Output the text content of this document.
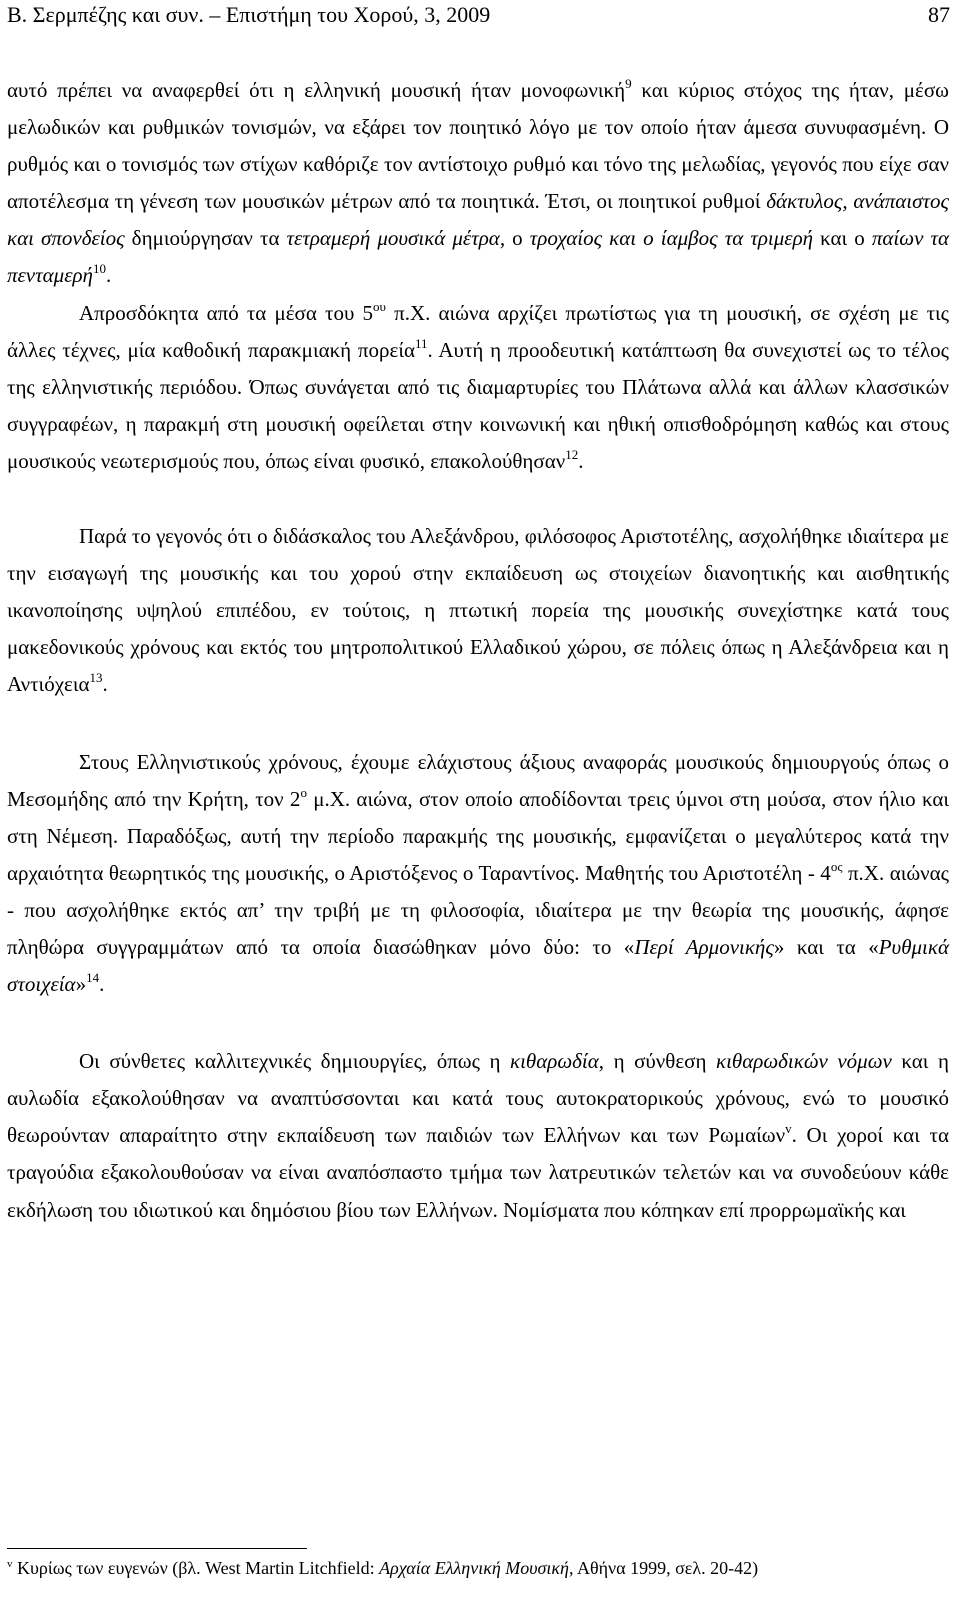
Β. Σερμπέζης και συν. – Επιστήμη του Χορού, 3, 2009	87

αυτό πρέπει να αναφερθεί ότι η ελληνική μουσική ήταν μονοφωνική$^9$ και κύριος στόχος της ήταν, μέσω μελωδικών και ρυθμικών τονισμών, να εξάρει τον ποιητικό λόγο με τον οποίο ήταν άμεσα συνυφασμένη. Ο ρυθμός και ο τονισμός των στίχων καθόριζε τον αντίστοιχο ρυθμό και τόνο της μελωδίας, γεγονός που είχε σαν αποτέλεσμα τη γένεση των μουσικών μέτρων από τα ποιητικά. Έτσι, οι ποιητικοί ρυθμοί δάκτυλος, ανάπαιστος και σπονδείος δημιούργησαν τα τετραμερή μουσικά μέτρα, ο τροχαίος και ο ίαμβος τα τριμερή και ο παίων τα πενταμερή$^{10}$.

Απροσδόκητα από τα μέσα του $5^{o\upsilon}$ π.Χ. αιώνα αρχίζει πρωτίστως για τη μουσική, σε σχέση με τις άλλες τέχνες, μία καθοδική παρακμιακή πορεία$^{11}$. Αυτή η προοδευτική κατάπτωση θα συνεχιστεί ως το τέλος της ελληνιστικής περιόδου. Όπως συνάγεται από τις διαμαρτυρίες του Πλάτωνα αλλά και άλλων κλασσικών συγγραφέων, η παρακμή στη μουσική οφείλεται στην κοινωνική και ηθική οπισθοδρόμηση καθώς και στους μουσικούς νεωτερισμούς που, όπως είναι φυσικό, επακολούθησαν$^{12}$.

Παρά το γεγονός ότι ο διδάσκαλος του Αλεξάνδρου, φιλόσοφος Αριστοτέλης, ασχολήθηκε ιδιαίτερα με την εισαγωγή της μουσικής και του χορού στην εκπαίδευση ως στοιχείων διανοητικής και αισθητικής ικανοποίησης υψηλού επιπέδου, εν τούτοις, η πτωτική πορεία της μουσικής συνεχίστηκε κατά τους μακεδονικούς χρόνους και εκτός του μητροπολιτικού Ελλαδικού χώρου, σε πόλεις όπως η Αλεξάνδρεια και η Αντιόχεια$^{13}$.

Στους Ελληνιστικούς χρόνους, έχουμε ελάχιστους άξιους αναφοράς μουσικούς δημιουργούς όπως ο Μεσομήδης από την Κρήτη, τον $2^o$ μ.Χ. αιώνα, στον οποίο αποδίδονται τρεις ύμνοι στη μούσα, στον ήλιο και στη Νέμεση. Παραδόξως, αυτή την περίοδο παρακμής της μουσικής, εμφανίζεται ο μεγαλύτερος κατά την αρχαιότητα θεωρητικός της μουσικής, ο Αριστόξενος ο Ταραντίνος. Μαθητής του Αριστοτέλη - $4^{o\varsigma}$ π.Χ. αιώνας - που ασχολήθηκε εκτός απ’ την τριβή με τη φιλοσοφία, ιδιαίτερα με την θεωρία της μουσικής, άφησε πληθώρα συγγραμμάτων από τα οποία διασώθηκαν μόνο δύο: το «Περί Αρμονικής» και τα «Ρυθμικά στοιχεία»$^{14}$.

Οι σύνθετες καλλιτεχνικές δημιουργίες, όπως η κιθαρωδία, η σύνθεση κιθαρωδικών νόμων και η αυλωδία εξακολούθησαν να αναπτύσσονται και κατά τους αυτοκρατορικούς χρόνους, ενώ το μουσικό θεωρούνταν απαραίτητο στην εκπαίδευση των παιδιών των Ελλήνων και των Ρωμαίων$^v$. Οι χοροί και τα τραγούδια εξακολουθούσαν να είναι αναπόσπαστο τμήμα των λατρευτικών τελετών και να συνοδεύουν κάθε εκδήλωση του ιδιωτικού και δημόσιου βίου των Ελλήνων. Νομίσματα που κόπηκαν επί προρρωμαϊκής και

$^v$ Κυρίως των ευγενών (βλ. West Martin Litchfield: Αρχαία Ελληνική Μουσική, Αθήνα 1999, σελ. 20-42)
